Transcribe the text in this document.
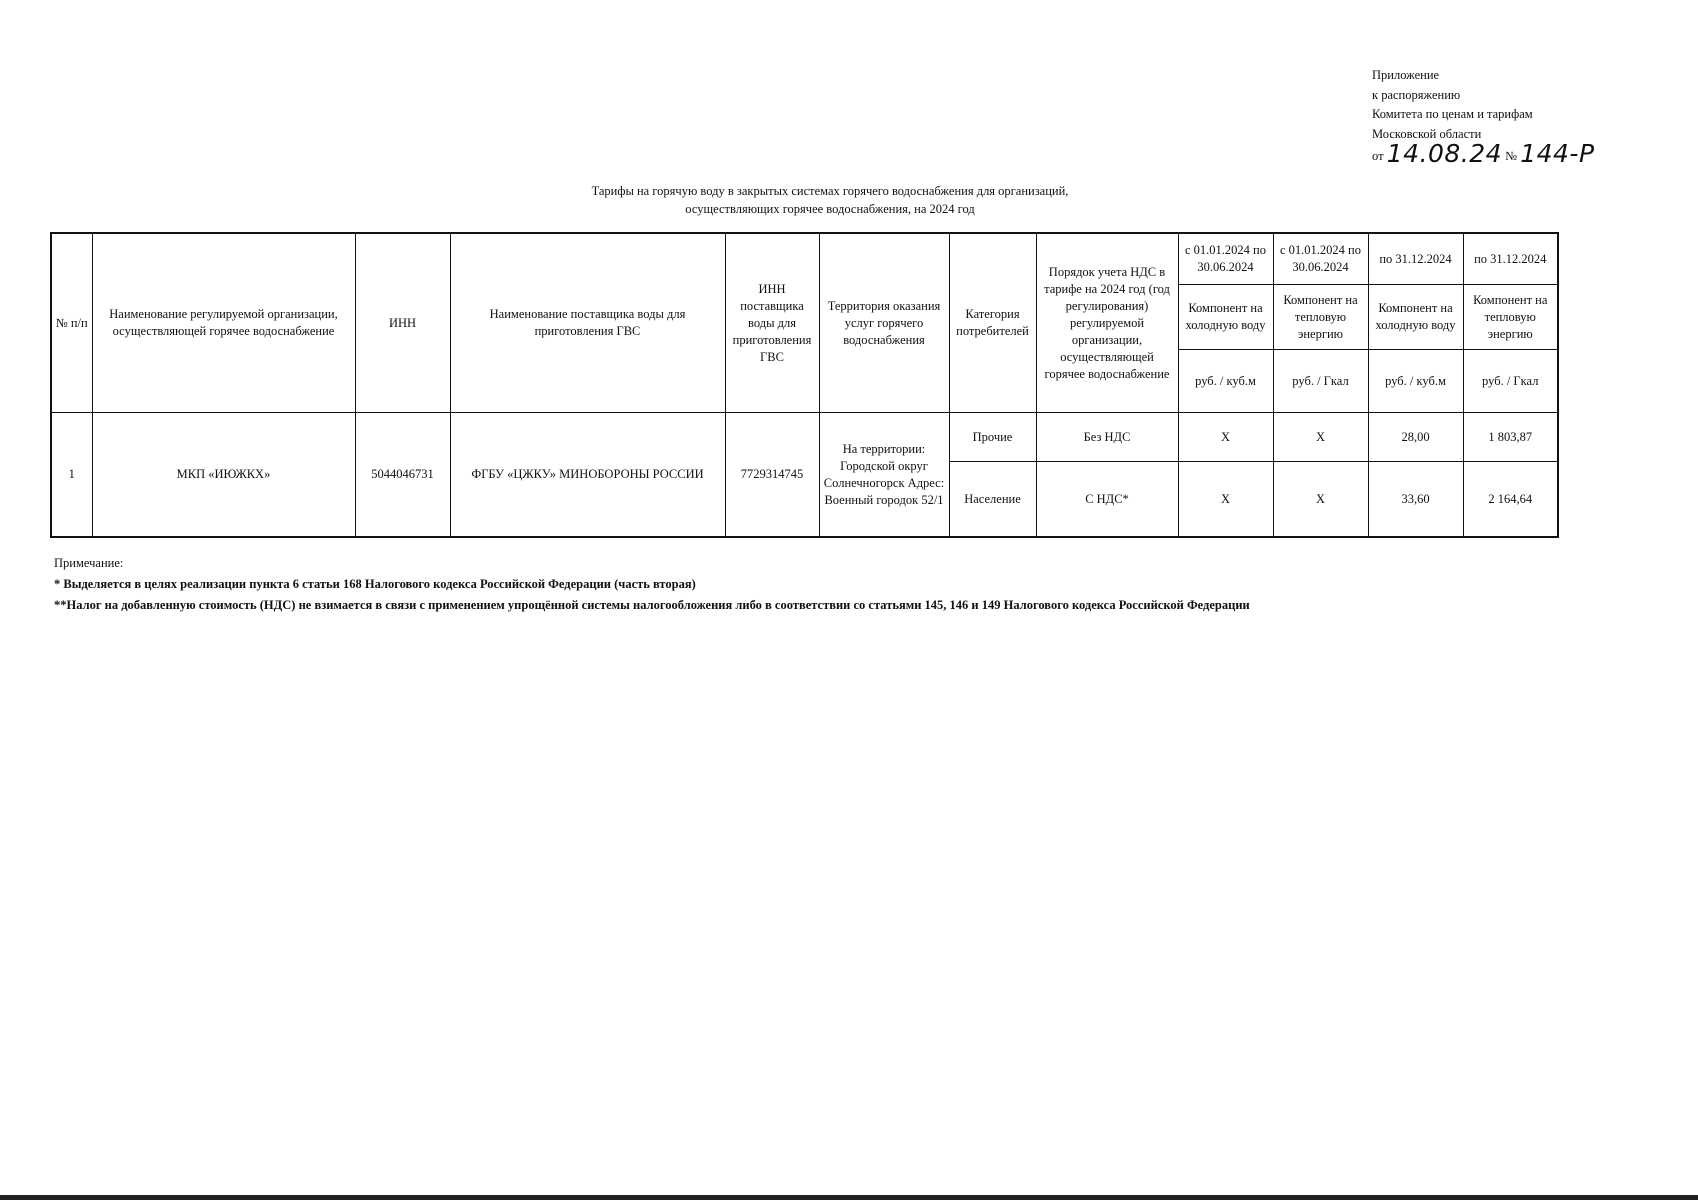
Приложение
к распоряжению
Комитета по ценам и тарифам
Московской области
от 14.08.24 № 144-Р
Тарифы на горячую воду в закрытых системах горячего водоснабжения для организаций,
осуществляющих горячее водоснабжения, на 2024 год
№ п/п	Наименование регулируемой организации, осуществляющей горячее водоснабжение	ИНН	Наименование поставщика воды для приготовления ГВС	ИНН поставщика воды для приготовления ГВС	Территория оказания услуг горячего водоснабжения	Категория потребителей	Порядок учета НДС в тарифе на 2024 год (год регулирования) регулируемой организации, осуществляющей горячее водоснабжение	с 01.01.2024 по 30.06.2024	с 01.01.2024 по 30.06.2024	по 31.12.2024	по 31.12.2024
								Компонент на холодную воду	Компонент на тепловую энергию	Компонент на холодную воду	Компонент на тепловую энергию
								руб. / куб.м	руб. / Гкал	руб. / куб.м	руб. / Гкал
1	МКП «ИЮЖКХ»	5044046731	ФГБУ «ЦЖКУ» МИНОБОРОНЫ РОССИИ	7729314745	На территории: Городской округ Солнечногорск Адрес: Военный городок 52/1	Прочие	Без НДС	Х	Х	28,00	1 803,87
						Население	С НДС*	Х	Х	33,60	2 164,64
Примечание:
* Выделяется в целях реализации пункта 6 статьи 168 Налогового кодекса Российской Федерации (часть вторая)
**Налог на добавленную стоимость (НДС) не взимается в связи с применением упрощённой системы налогообложения либо в соответствии со статьями 145, 146 и 149 Налогового кодекса Российской Федерации
